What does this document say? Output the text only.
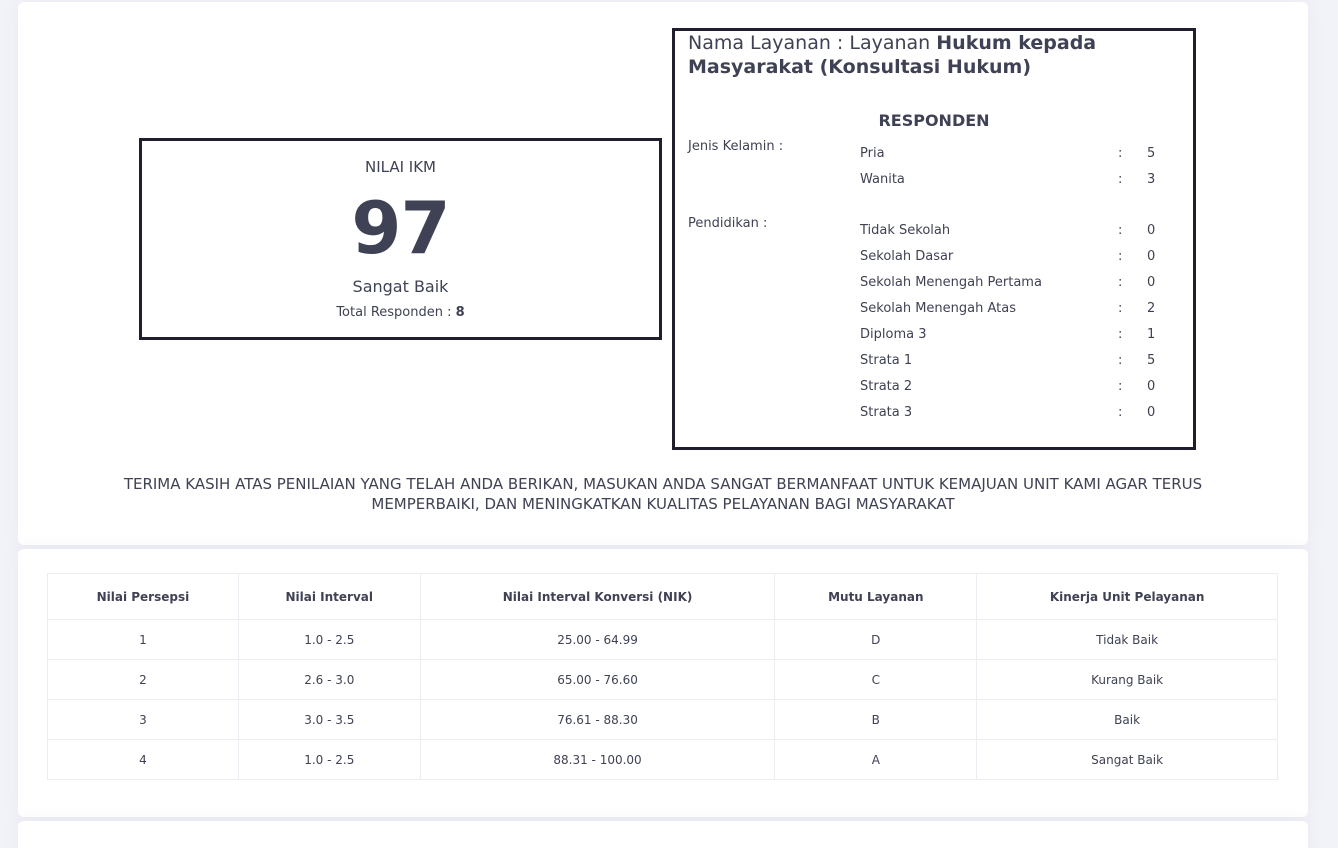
NILAI IKM
97
Sangat Baik
Total Responden : 8
Nama Layanan : Layanan Hukum kepada
Masyarakat (Konsultasi Hukum)
RESPONDEN
Jenis Kelamin :	Pria	: 5
Wanita	: 3
Pendidikan :	Tidak Sekolah	: 0
Sekolah Dasar	: 0
Sekolah Menengah Pertama	: 0
Sekolah Menengah Atas	: 2
Diploma 3	: 1
Strata 1	: 5
Strata 2	: 0
Strata 3	: 0
TERIMA KASIH ATAS PENILAIAN YANG TELAH ANDA BERIKAN, MASUKAN ANDA SANGAT BERMANFAAT UNTUK KEMAJUAN UNIT KAMI AGAR TERUS
MEMPERBAIKI, DAN MENINGKATKAN KUALITAS PELAYANAN BAGI MASYARAKAT
Nilai Persepsi	Nilai Interval	Nilai Interval Konversi (NIK)	Mutu Layanan	Kinerja Unit Pelayanan
1	1.0 - 2.5	25.00 - 64.99	D	Tidak Baik
2	2.6 - 3.0	65.00 - 76.60	C	Kurang Baik
3	3.0 - 3.5	76.61 - 88.30	B	Baik
4	1.0 - 2.5	88.31 - 100.00	A	Sangat Baik
